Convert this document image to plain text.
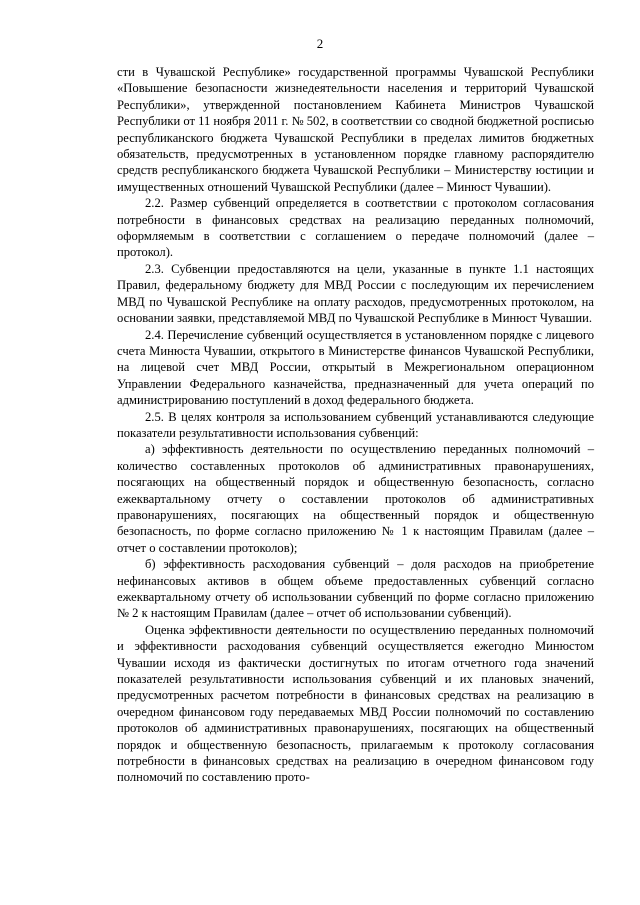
2

сти в Чувашской Республике» государственной программы Чувашской Республики «Повышение безопасности жизнедеятельности населения и территорий Чувашской Республики», утвержденной постановлением Кабинета Министров Чувашской Республики от 11 ноября 2011 г. № 502, в соответствии со сводной бюджетной росписью республиканского бюджета Чувашской Республики в пределах лимитов бюджетных обязательств, предусмотренных в установленном порядке главному распорядителю средств республиканского бюджета Чувашской Республики – Министерству юстиции и имущественных отношений Чувашской Республики (далее – Минюст Чувашии).

2.2. Размер субвенций определяется в соответствии с протоколом согласования потребности в финансовых средствах на реализацию переданных полномочий, оформляемым в соответствии с соглашением о передаче полномочий (далее – протокол).

2.3. Субвенции предоставляются на цели, указанные в пункте 1.1 настоящих Правил, федеральному бюджету для МВД России с последующим их перечислением МВД по Чувашской Республике на оплату расходов, предусмотренных протоколом, на основании заявки, представляемой МВД по Чувашской Республике в Минюст Чувашии.

2.4. Перечисление субвенций осуществляется в установленном порядке с лицевого счета Минюста Чувашии, открытого в Министерстве финансов Чувашской Республики, на лицевой счет МВД России, открытый в Межрегиональном операционном Управлении Федерального казначейства, предназначенный для учета операций по администрированию поступлений в доход федерального бюджета.

2.5. В целях контроля за использованием субвенций устанавливаются следующие показатели результативности использования субвенций:

а) эффективность деятельности по осуществлению переданных полномочий – количество составленных протоколов об административных правонарушениях, посягающих на общественный порядок и общественную безопасность, согласно ежеквартальному отчету о составлении протоколов об административных правонарушениях, посягающих на общественный порядок и общественную безопасность, по форме согласно приложению № 1 к настоящим Правилам (далее – отчет о составлении протоколов);

б) эффективность расходования субвенций – доля расходов на приобретение нефинансовых активов в общем объеме предоставленных субвенций согласно ежеквартальному отчету об использовании субвенций по форме согласно приложению № 2 к настоящим Правилам (далее – отчет об использовании субвенций).

Оценка эффективности деятельности по осуществлению переданных полномочий и эффективности расходования субвенций осуществляется ежегодно Минюстом Чувашии исходя из фактически достигнутых по итогам отчетного года значений показателей результативности использования субвенций и их плановых значений, предусмотренных расчетом потребности в финансовых средствах на реализацию в очередном финансовом году передаваемых МВД России полномочий по составлению протоколов об административных правонарушениях, посягающих на общественный порядок и общественную безопасность, прилагаемым к протоколу согласования потребности в финансовых средствах на реализацию в очередном финансовом году полномочий по составлению прото-
